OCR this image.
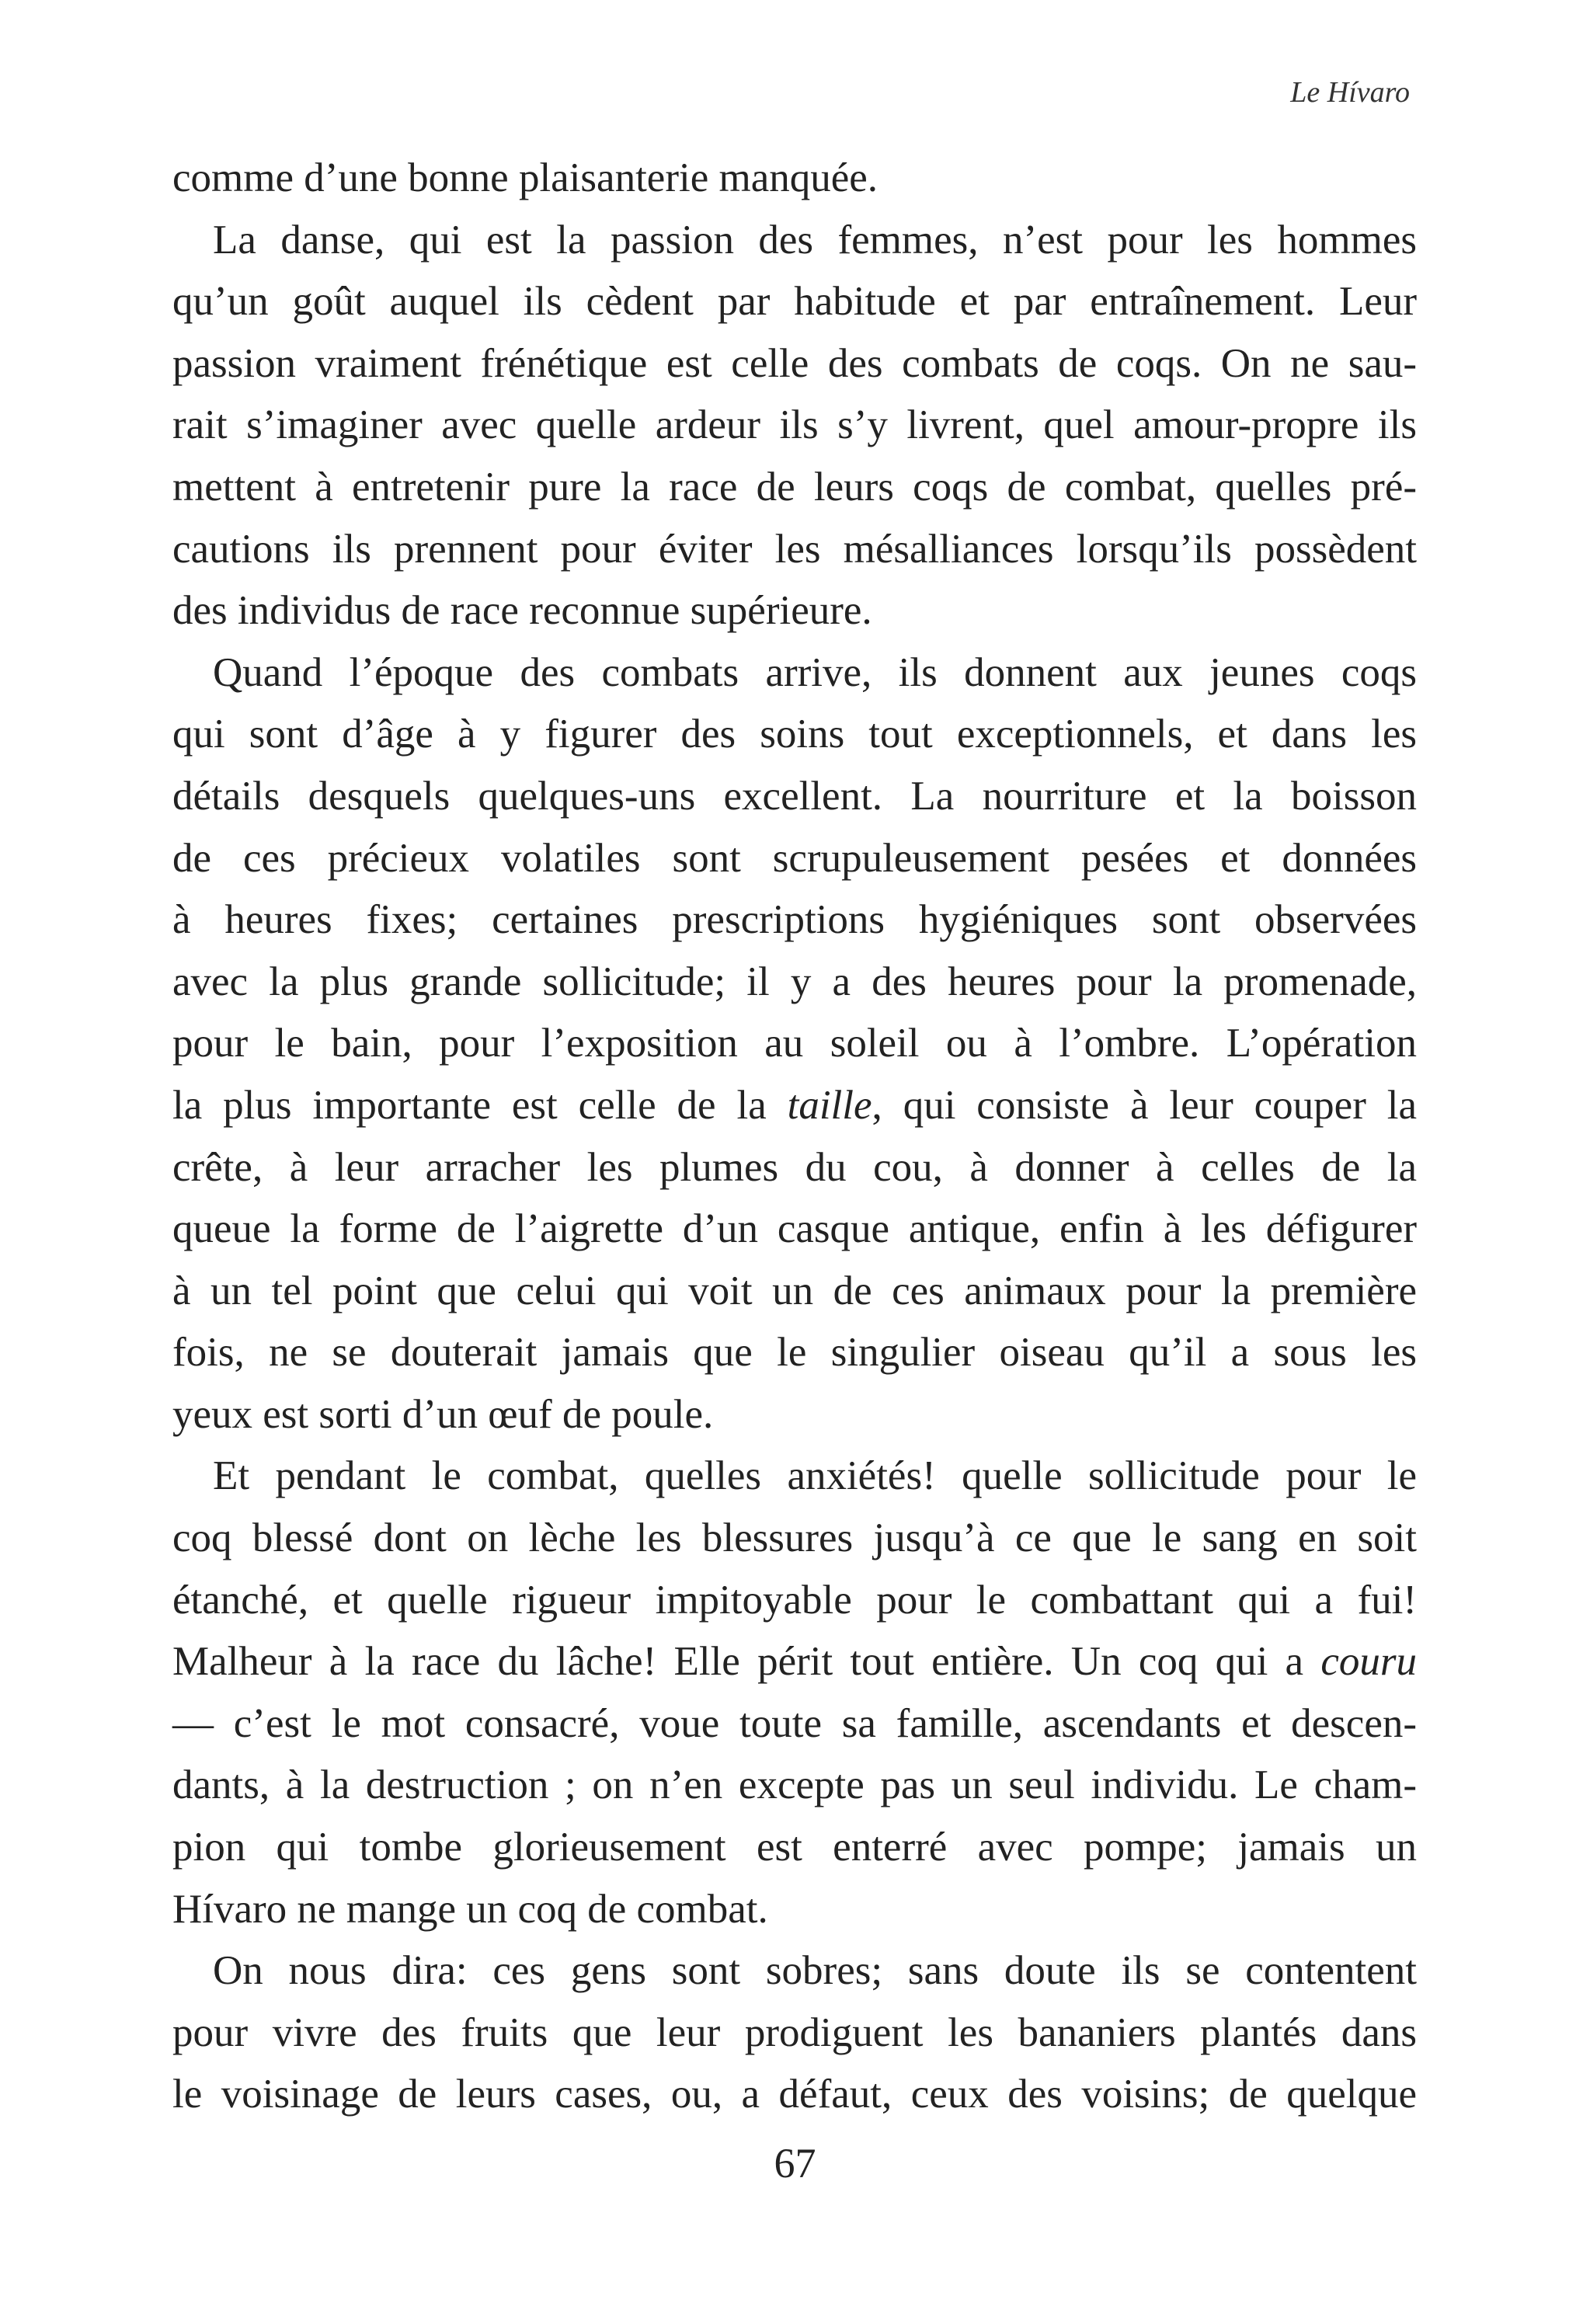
Le Hívaro
comme d’une bonne plaisanterie manquée.
La danse, qui est la passion des femmes, n’est pour les hommes
qu’un goût auquel ils cèdent par habitude et par entraînement. Leur
passion vraiment frénétique est celle des combats de coqs. On ne sau-
rait s’imaginer avec quelle ardeur ils s’y livrent, quel amour-propre ils
mettent à entretenir pure la race de leurs coqs de combat, quelles pré-
cautions ils prennent pour éviter les mésalliances lorsqu’ils possèdent
des individus de race reconnue supérieure.
Quand l’époque des combats arrive, ils donnent aux jeunes coqs
qui sont d’âge à y figurer des soins tout exceptionnels, et dans les
détails desquels quelques-uns excellent. La nourriture et la boisson
de ces précieux volatiles sont scrupuleusement pesées et données
à heures fixes; certaines prescriptions hygiéniques sont observées
avec la plus grande sollicitude; il y a des heures pour la promenade,
pour le bain, pour l’exposition au soleil ou à l’ombre. L’opération
la plus importante est celle de la taille, qui consiste à leur couper la
crête, à leur arracher les plumes du cou, à donner à celles de la
queue la forme de l’aigrette d’un casque antique, enfin à les défigurer
à un tel point que celui qui voit un de ces animaux pour la première
fois, ne se douterait jamais que le singulier oiseau qu’il a sous les
yeux est sorti d’un œuf de poule.
Et pendant le combat, quelles anxiétés! quelle sollicitude pour le
coq blessé dont on lèche les blessures jusqu’à ce que le sang en soit
étanché, et quelle rigueur impitoyable pour le combattant qui a fui!
Malheur à la race du lâche! Elle périt tout entière. Un coq qui a couru
— c’est le mot consacré, voue toute sa famille, ascendants et descen-
dants, à la destruction ; on n’en excepte pas un seul individu. Le cham-
pion qui tombe glorieusement est enterré avec pompe; jamais un
Hívaro ne mange un coq de combat.
On nous dira: ces gens sont sobres; sans doute ils se contentent
pour vivre des fruits que leur prodiguent les bananiers plantés dans
le voisinage de leurs cases, ou, a défaut, ceux des voisins; de quelque
67
